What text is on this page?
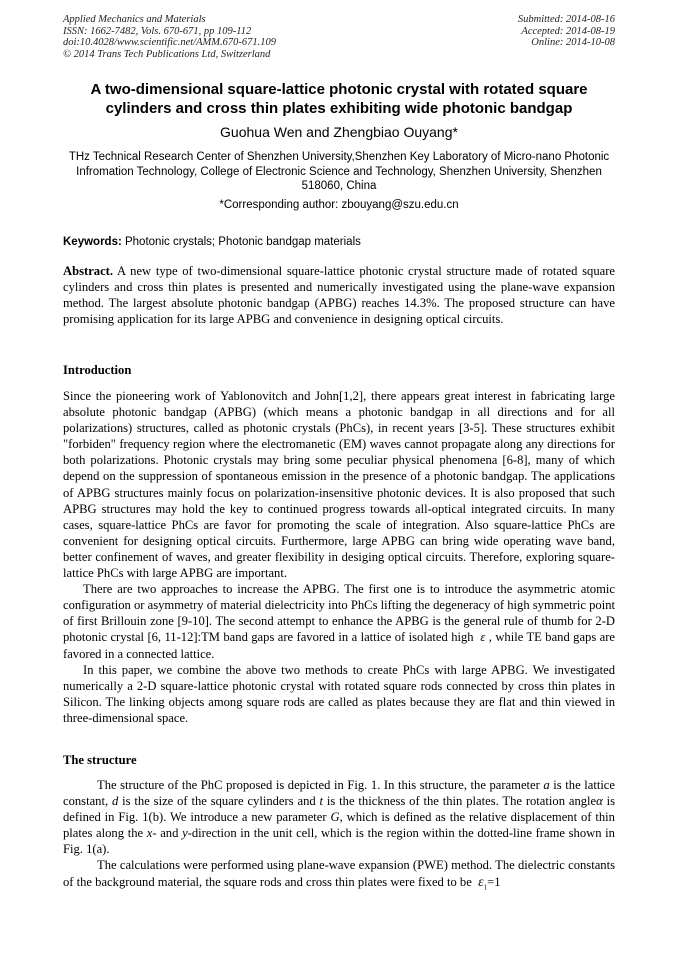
Applied Mechanics and Materials
ISSN: 1662-7482, Vols. 670-671, pp 109-112
doi:10.4028/www.scientific.net/AMM.670-671.109
© 2014 Trans Tech Publications Ltd, Switzerland
Submitted: 2014-08-16
Accepted: 2014-08-19
Online: 2014-10-08
A two-dimensional square-lattice photonic crystal with rotated square cylinders and cross thin plates exhibiting wide photonic bandgap
Guohua Wen and Zhengbiao Ouyang*
THz Technical Research Center of Shenzhen University,Shenzhen Key Laboratory of Micro-nano Photonic Infromation Technology, College of Electronic Science and Technology, Shenzhen University, Shenzhen 518060, China
*Corresponding author: zbouyang@szu.edu.cn
Keywords: Photonic crystals; Photonic bandgap materials
Abstract. A new type of two-dimensional square-lattice photonic crystal structure made of rotated square cylinders and cross thin plates is presented and numerically investigated using the plane-wave expansion method. The largest absolute photonic bandgap (APBG) reaches 14.3%. The proposed structure can have promising application for its large APBG and convenience in designing optical circuits.
Introduction

Since the pioneering work of Yablonovitch and John[1,2], there appears great interest in fabricating large absolute photonic bandgap (APBG) (which means a photonic bandgap in all directions and for all polarizations) structures, called as photonic crystals (PhCs), in recent years [3-5]. These structures exhibit "forbiden" frequency region where the electromanetic (EM) waves cannot propagate along any directions for both polarizations. Photonic crystals may bring some peculiar physical phenomena [6-8], many of which depend on the suppression of spontaneous emission in the presence of a photonic bandgap. The applications of APBG structures mainly focus on polarization-insensitive photonic devices. It is also proposed that such APBG structures may hold the key to continued progress towards all-optical integrated circuits. In many cases, square-lattice PhCs are favor for promoting the scale of integration. Also square-lattice PhCs are convenient for designing optical circuits. Furthermore, large APBG can bring wide operating wave band, better confinement of waves, and greater flexibility in desiging optical circuits. Therefore, exploring square-lattice PhCs with large APBG are important.

There are two approaches to increase the APBG. The first one is to introduce the asymmetric atomic configuration or asymmetry of material dielectricity into PhCs lifting the degeneracy of high symmetric point of first Brillouin zone [9-10]. The second attempt to enhance the APBG is the general rule of thumb for 2-D photonic crystal [6, 11-12]:TM band gaps are favored in a lattice of isolated high ε , while TE band gaps are favored in a connected lattice.

In this paper, we combine the above two methods to create PhCs with large APBG. We investigated numerically a 2-D square-lattice photonic crystal with rotated square rods connected by cross thin plates in Silicon. The linking objects among square rods are called as plates because they are flat and thin viewed in three-dimensional space.

The structure

The structure of the PhC proposed is depicted in Fig. 1. In this structure, the parameter a is the lattice constant, d is the size of the square cylinders and t is the thickness of the thin plates. The rotation angleα is defined in Fig. 1(b). We introduce a new parameter G, which is defined as the relative displacement of thin plates along the x- and y-direction in the unit cell, which is the region within the dotted-line frame shown in Fig. 1(a).

The calculations were performed using plane-wave expansion (PWE) method. The dielectric constants of the background material, the square rods and cross thin plates were fixed to be $\varepsilon_1=1$
